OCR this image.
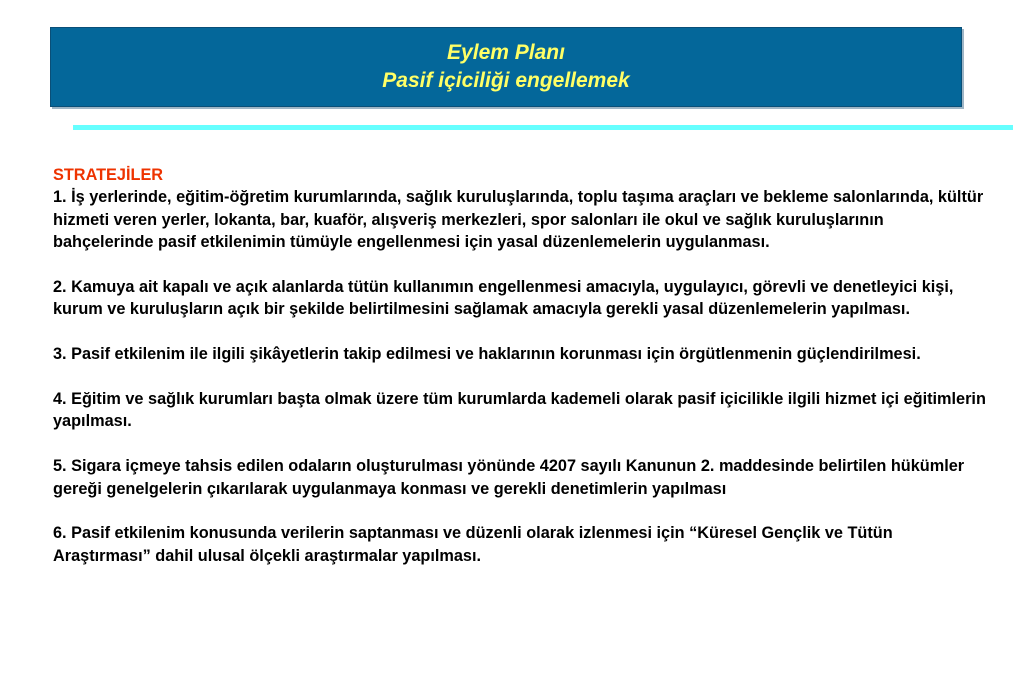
Eylem Planı
Pasif içiciliği engellemek

STRATEJİLER

1. İş yerlerinde, eğitim-öğretim kurumlarında, sağlık kuruluşlarında, toplu taşıma araçları ve bekleme salonlarında, kültür hizmeti veren yerler, lokanta, bar, kuaför, alışveriş merkezleri, spor salonları ile okul ve sağlık kuruluşlarının bahçelerinde pasif etkilenimin tümüyle engellenmesi için yasal düzenlemelerin uygulanması.

2. Kamuya ait kapalı ve açık alanlarda tütün kullanımın engellenmesi amacıyla, uygulayıcı, görevli ve denetleyici kişi, kurum ve kuruluşların açık bir şekilde belirtilmesini sağlamak amacıyla gerekli yasal düzenlemelerin yapılması.

3. Pasif etkilenim ile ilgili şikâyetlerin takip edilmesi ve haklarının korunması için örgütlenmenin güçlendirilmesi.

4. Eğitim ve sağlık kurumları başta olmak üzere tüm kurumlarda kademeli olarak pasif içicilikle ilgili hizmet içi eğitimlerin yapılması.

5. Sigara içmeye tahsis edilen odaların oluşturulması yönünde 4207 sayılı Kanunun 2. maddesinde belirtilen hükümler gereği genelgelerin çıkarılarak uygulanmaya konması ve gerekli denetimlerin yapılması

6. Pasif etkilenim konusunda verilerin saptanması ve düzenli olarak izlenmesi için “Küresel Gençlik ve Tütün Araştırması” dahil ulusal ölçekli araştırmalar yapılması.
